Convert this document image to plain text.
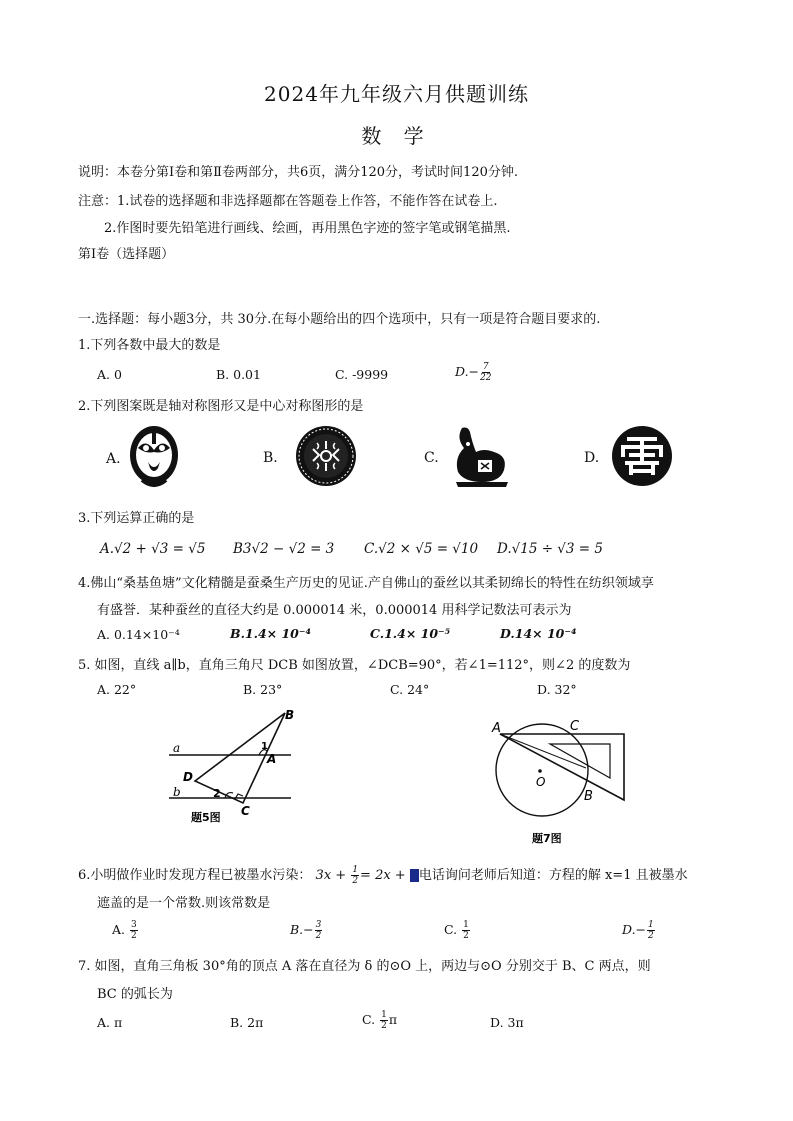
2024年九年级六月供题训练
数 学
说明：本卷分第Ⅰ卷和第Ⅱ卷两部分，共6页，满分120分，考试时间120分钟.
注意：1.试卷的选择题和非选择题都在答题卷上作答，不能作答在试卷上.
2.作图时要先铅笔进行画线、绘画，再用黑色字迹的签字笔或钢笔描黑.
第Ⅰ卷（选择题）
一.选择题：每小题3分，共 30分.在每小题给出的四个选项中，只有一项是符合题目要求的.
1.下列各数中最大的数是
A. 0	B. 0.01	C. -9999	$D.- \frac{7}{22}$
2.下列图案既是轴对称图形又是中心对称图形的是
A.	B.	C.	D.
3.下列运算正确的是
A.√2 + √3 = √5 B3√2 − √2 = 3 C.√2 × √5 = √10 D.√15 ÷ √3 = 5
4.佛山“桑基鱼塘”文化精髓是蚕桑生产历史的见证.产自佛山的蚕丝以其柔韧绵长的特性在纺织领域享
有盛誉．某种蚕丝的直径大约是 0.000014 米，0.000014 用科学记数法可表示为
A. 0.14×10⁻⁴	B.1.4× 10⁻⁴	C.1.4× 10⁻⁵	D.14× 10⁻⁴
5. 如图，直线 a∥b，直角三角尺 DCB 如图放置，∠DCB=90°，若∠1=112°，则∠2 的度数为
A. 22°	B. 23°	C. 24°	D. 32°
a
b
B
A
D
C
1
2
题5图
A	C
O
B
题7图
6.小明做作业时发现方程已被墨水污染： $3x + \frac{1}{2} = 2x$ + 电话询问老师后知道：方程的解 x=1 且被墨水
遮盖的是一个常数.则该常数是
A. $\frac{3}{2}$	$B.- \frac{3}{2}$	C. $\frac{1}{2}$	$D.- \frac{1}{2}$
7. 如图，直角三角板 30°角的顶点 A 落在直径为 δ 的⊙O 上，两边与⊙O 分别交于 B、C 两点，则
BC 的弧长为
A. π	B. 2π	C. $\frac{1}{2}$ π	D. 3π
